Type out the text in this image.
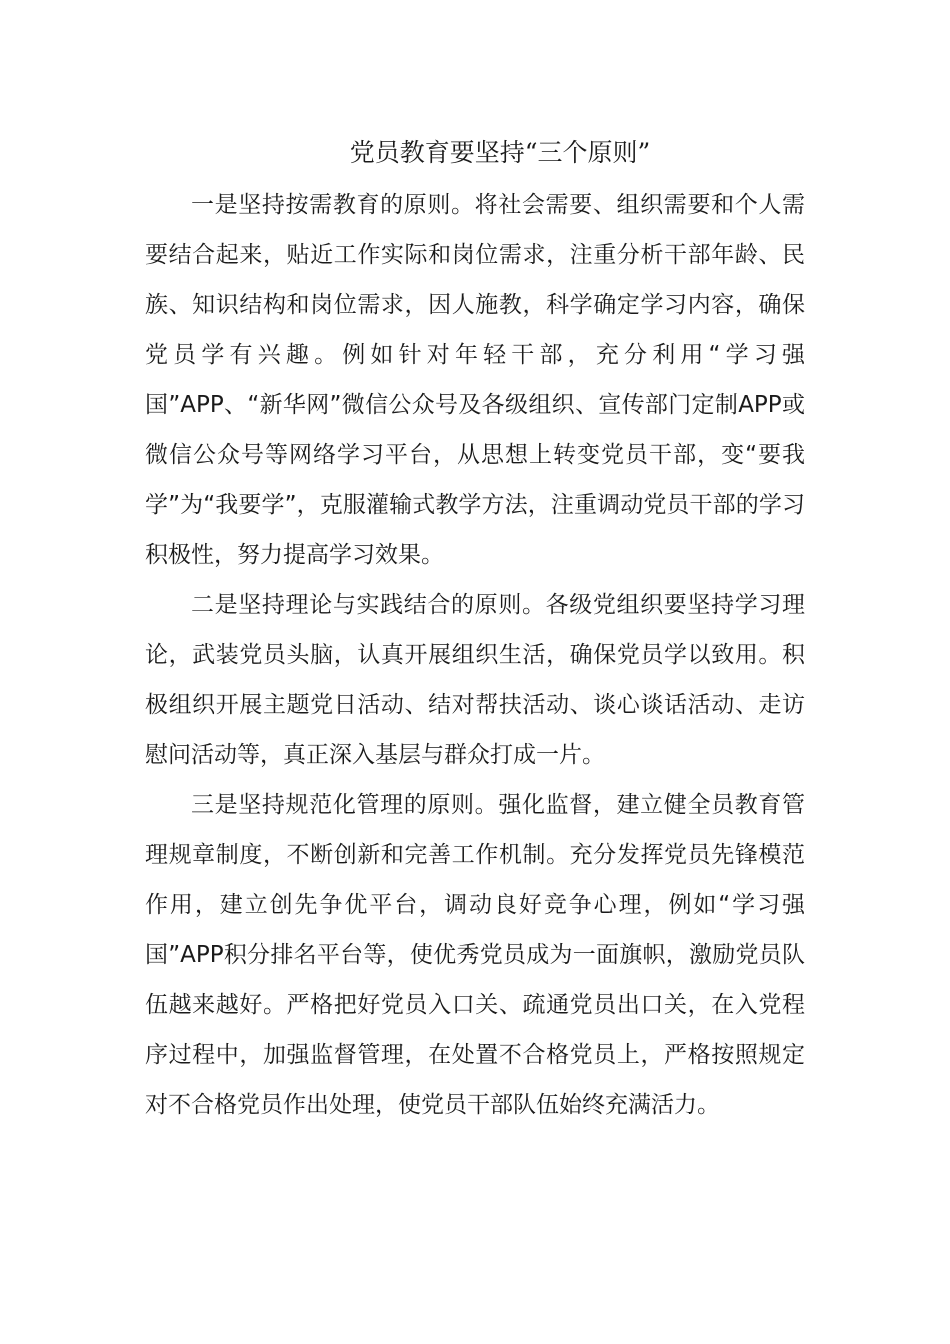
党员教育要坚持“三个原则”

一是坚持按需教育的原则。将社会需要、组织需要和个人需要结合起来，贴近工作实际和岗位需求，注重分析干部年龄、民族、知识结构和岗位需求，因人施教，科学确定学习内容，确保党员学有兴趣。例如针对年轻干部，充分利用“学习强国”APP、“新华网”微信公众号及各级组织、宣传部门定制APP或微信公众号等网络学习平台，从思想上转变党员干部，变“要我学”为“我要学”，克服灌输式教学方法，注重调动党员干部的学习积极性，努力提高学习效果。

二是坚持理论与实践结合的原则。各级党组织要坚持学习理论，武装党员头脑，认真开展组织生活，确保党员学以致用。积极组织开展主题党日活动、结对帮扶活动、谈心谈话活动、走访慰问活动等，真正深入基层与群众打成一片。

三是坚持规范化管理的原则。强化监督，建立健全员教育管理规章制度，不断创新和完善工作机制。充分发挥党员先锋模范作用，建立创先争优平台，调动良好竞争心理，例如“学习强国”APP积分排名平台等，使优秀党员成为一面旗帜，激励党员队伍越来越好。严格把好党员入口关、疏通党员出口关，在入党程序过程中，加强监督管理，在处置不合格党员上，严格按照规定对不合格党员作出处理，使党员干部队伍始终充满活力。
